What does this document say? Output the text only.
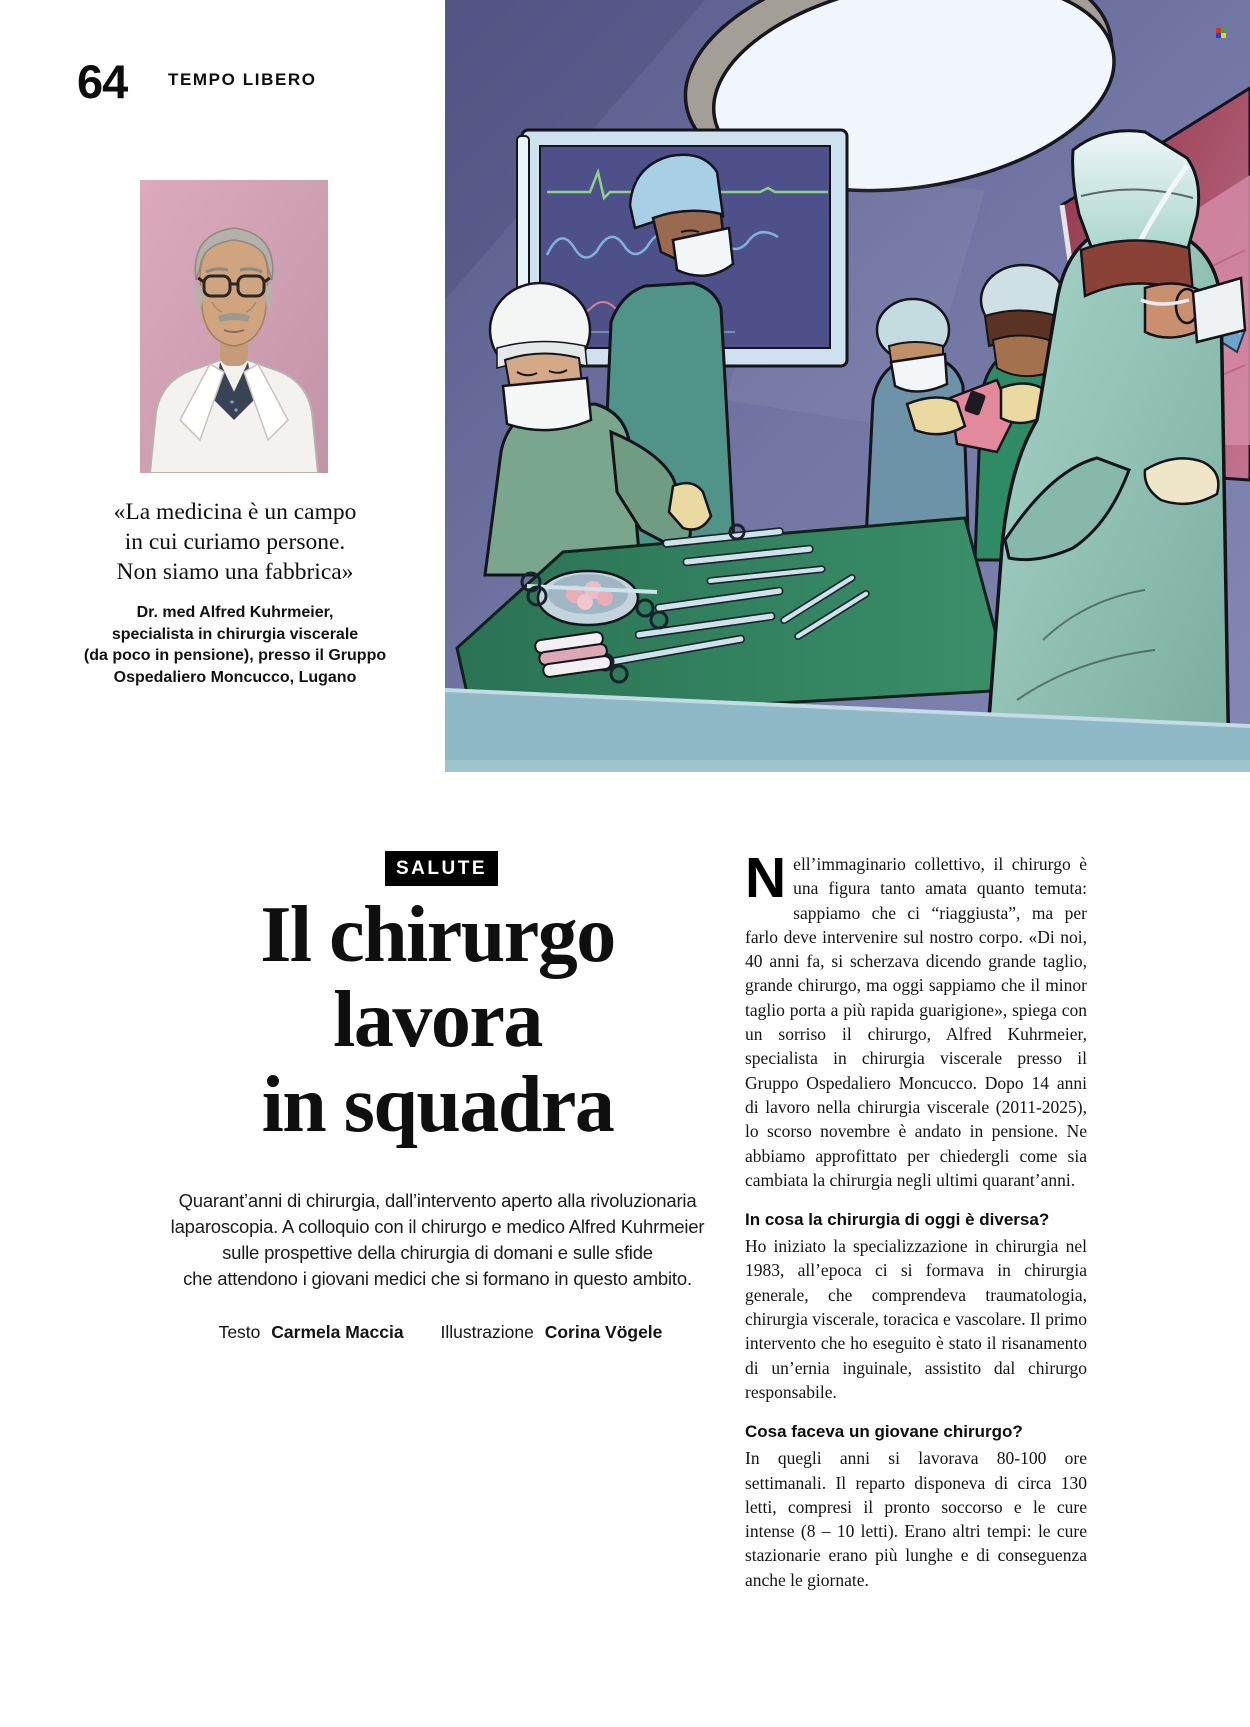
64 TEMPO LIBERO
«La medicina è un campo
in cui curiamo persone.
Non siamo una fabbrica»
Dr. med Alfred Kuhrmeier,
specialista in chirurgia viscerale
(da poco in pensione), presso il Gruppo
Ospedaliero Moncucco, Lugano
SALUTE
Il chirurgo
lavora
in squadra
Quarant’anni di chirurgia, dall’intervento aperto alla rivoluzionaria
laparoscopia. A colloquio con il chirurgo e medico Alfred Kuhrmeier
sulle prospettive della chirurgia di domani e sulle sfide
che attendono i giovani medici che si formano in questo ambito.
Testo Carmela Maccia Illustrazione Corina Vögele

Nell’immaginario collettivo, il chirurgo è una figura tanto amata quanto temuta: sappiamo che ci “riaggiusta”, ma per farlo deve intervenire sul nostro corpo. «Di noi, 40 anni fa, si scherzava dicendo grande taglio, grande chirurgo, ma oggi sappiamo che il minor taglio porta a più rapida guarigione», spiega con un sorriso il chirurgo, Alfred Kuhrmeier, specialista in chirurgia viscerale presso il Gruppo Ospedaliero Moncucco. Dopo 14 anni di lavoro nella chirurgia viscerale (2011-2025), lo scorso novembre è andato in pensione. Ne abbiamo approfittato per chiedergli come sia cambiata la chirurgia negli ultimi quarant’anni.

In cosa la chirurgia di oggi è diversa?

Ho iniziato la specializzazione in chirurgia nel 1983, all’epoca ci si formava in chirurgia generale, che comprendeva traumatologia, chirurgia viscerale, toracica e vascolare. Il primo intervento che ho eseguito è stato il risanamento di un’ernia inguinale, assistito dal chirurgo responsabile.

Cosa faceva un giovane chirurgo?

In quegli anni si lavorava 80-100 ore settimanali. Il reparto disponeva di circa 130 letti, compresi il pronto soccorso e le cure intense (8 – 10 letti). Erano altri tempi: le cure stazionarie erano più lunghe e di conseguenza anche le giornate.
